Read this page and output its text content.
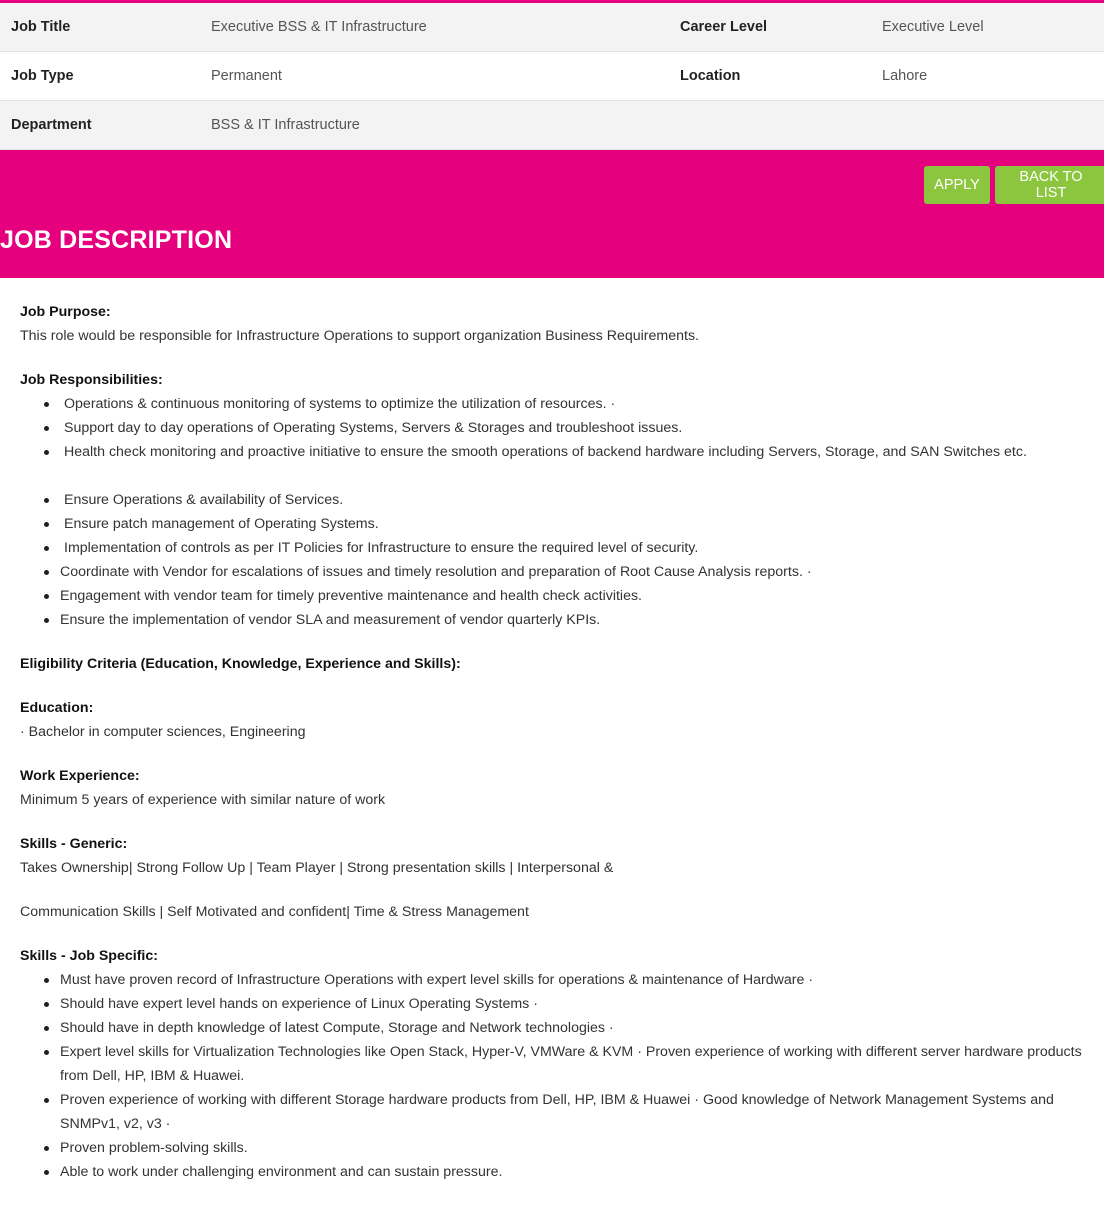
Job Title	Executive BSS & IT Infrastructure	Career Level	Executive Level
Job Type	Permanent	Location	Lahore
Department	BSS & IT Infrastructure
APPLY	BACK TO LIST
JOB DESCRIPTION
Job Purpose:
This role would be responsible for Infrastructure Operations to support organization Business Requirements.
Job Responsibilities:
Operations & continuous monitoring of systems to optimize the utilization of resources. ·
Support day to day operations of Operating Systems, Servers & Storages and troubleshoot issues.
Health check monitoring and proactive initiative to ensure the smooth operations of backend hardware including Servers, Storage, and SAN Switches etc.
Ensure Operations & availability of Services.
Ensure patch management of Operating Systems.
Implementation of controls as per IT Policies for Infrastructure to ensure the required level of security.
Coordinate with Vendor for escalations of issues and timely resolution and preparation of Root Cause Analysis reports. ·
Engagement with vendor team for timely preventive maintenance and health check activities.
Ensure the implementation of vendor SLA and measurement of vendor quarterly KPIs.
Eligibility Criteria (Education, Knowledge, Experience and Skills):
Education:
· Bachelor in computer sciences, Engineering
Work Experience:
Minimum 5 years of experience with similar nature of work
Skills - Generic:
Takes Ownership| Strong Follow Up | Team Player | Strong presentation skills | Interpersonal &
Communication Skills | Self Motivated and confident| Time & Stress Management
Skills - Job Specific:
Must have proven record of Infrastructure Operations with expert level skills for operations & maintenance of Hardware ·
Should have expert level hands on experience of Linux Operating Systems ·
Should have in depth knowledge of latest Compute, Storage and Network technologies ·
Expert level skills for Virtualization Technologies like Open Stack, Hyper-V, VMWare & KVM · Proven experience of working with different server hardware products from Dell, HP, IBM & Huawei.
Proven experience of working with different Storage hardware products from Dell, HP, IBM & Huawei · Good knowledge of Network Management Systems and SNMPv1, v2, v3 ·
Proven problem-solving skills.
Able to work under challenging environment and can sustain pressure.
